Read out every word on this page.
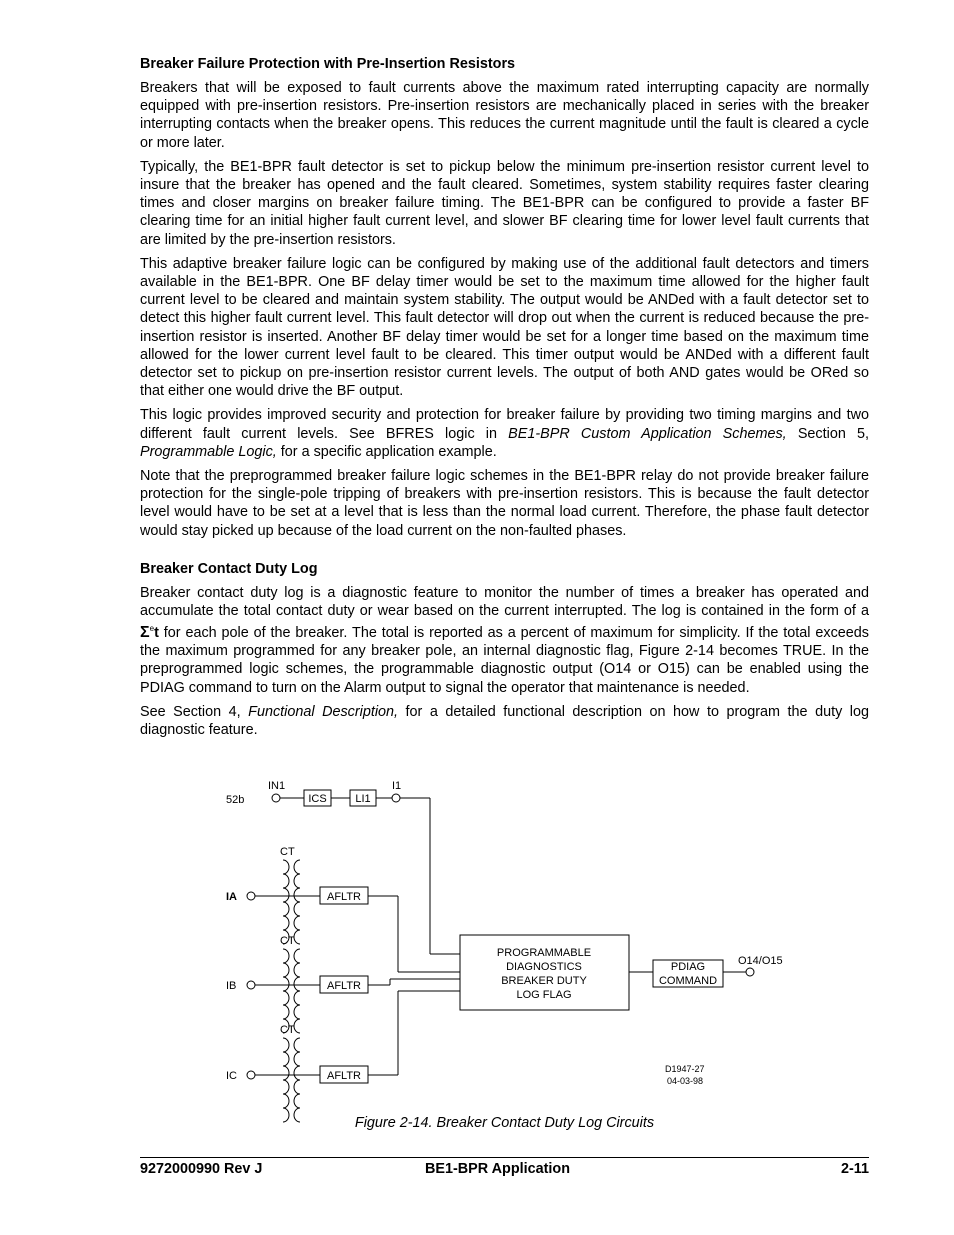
Breaker Failure Protection with Pre-Insertion Resistors

Breakers that will be exposed to fault currents above the maximum rated interrupting capacity are normally equipped with pre-insertion resistors. Pre-insertion resistors are mechanically placed in series with the breaker interrupting contacts when the breaker opens. This reduces the current magnitude until the fault is cleared a cycle or more later.

Typically, the BE1-BPR fault detector is set to pickup below the minimum pre-insertion resistor current level to insure that the breaker has opened and the fault cleared. Sometimes, system stability requires faster clearing times and closer margins on breaker failure timing. The BE1-BPR can be configured to provide a faster BF clearing time for an initial higher fault current level, and slower BF clearing time for lower level fault currents that are limited by the pre-insertion resistors.

This adaptive breaker failure logic can be configured by making use of the additional fault detectors and timers available in the BE1-BPR. One BF delay timer would be set to the maximum time allowed for the higher fault current level to be cleared and maintain system stability. The output would be ANDed with a fault detector set to detect this higher fault current level. This fault detector will drop out when the current is reduced because the pre-insertion resistor is inserted. Another BF delay timer would be set for a longer time based on the maximum time allowed for the lower current level fault to be cleared. This timer output would be ANDed with a different fault detector set to pickup on pre-insertion resistor current levels. The output of both AND gates would be ORed so that either one would drive the BF output.

This logic provides improved security and protection for breaker failure by providing two timing margins and two different fault current levels. See BFRES logic in BE1-BPR Custom Application Schemes, Section 5, Programmable Logic, for a specific application example.

Note that the preprogrammed breaker failure logic schemes in the BE1-BPR relay do not provide breaker failure protection for the single-pole tripping of breakers with pre-insertion resistors. This is because the fault detector level would have to be set at a level that is less than the normal load current. Therefore, the phase fault detector would stay picked up because of the load current on the non-faulted phases.

Breaker Contact Duty Log

Breaker contact duty log is a diagnostic feature to monitor the number of times a breaker has operated and accumulate the total contact duty or wear based on the current interrupted. The log is contained in the form of a $\Sigma^et$ for each pole of the breaker. The total is reported as a percent of maximum for simplicity. If the total exceeds the maximum programmed for any breaker pole, an internal diagnostic flag, Figure 2-14 becomes TRUE. In the preprogrammed logic schemes, the programmable diagnostic output (O14 or O15) can be enabled using the PDIAG command to turn on the Alarm output to signal the operator that maintenance is needed.

See Section 4, Functional Description, for a detailed functional description on how to program the duty log diagnostic feature.

IN1
52b	ICS	LI1
I1
CT
CT
CT
IA
IB
IC
AFLTR
AFLTR
AFLTR
PROGRAMMABLE
DIAGNOSTICS
BREAKER DUTY
LOG FLAG
PDIAG
COMMAND
O14/O15
D1947-27
04-03-98
Figure 2-14. Breaker Contact Duty Log Circuits
9272000990 Rev J	BE1-BPR Application	2-11
